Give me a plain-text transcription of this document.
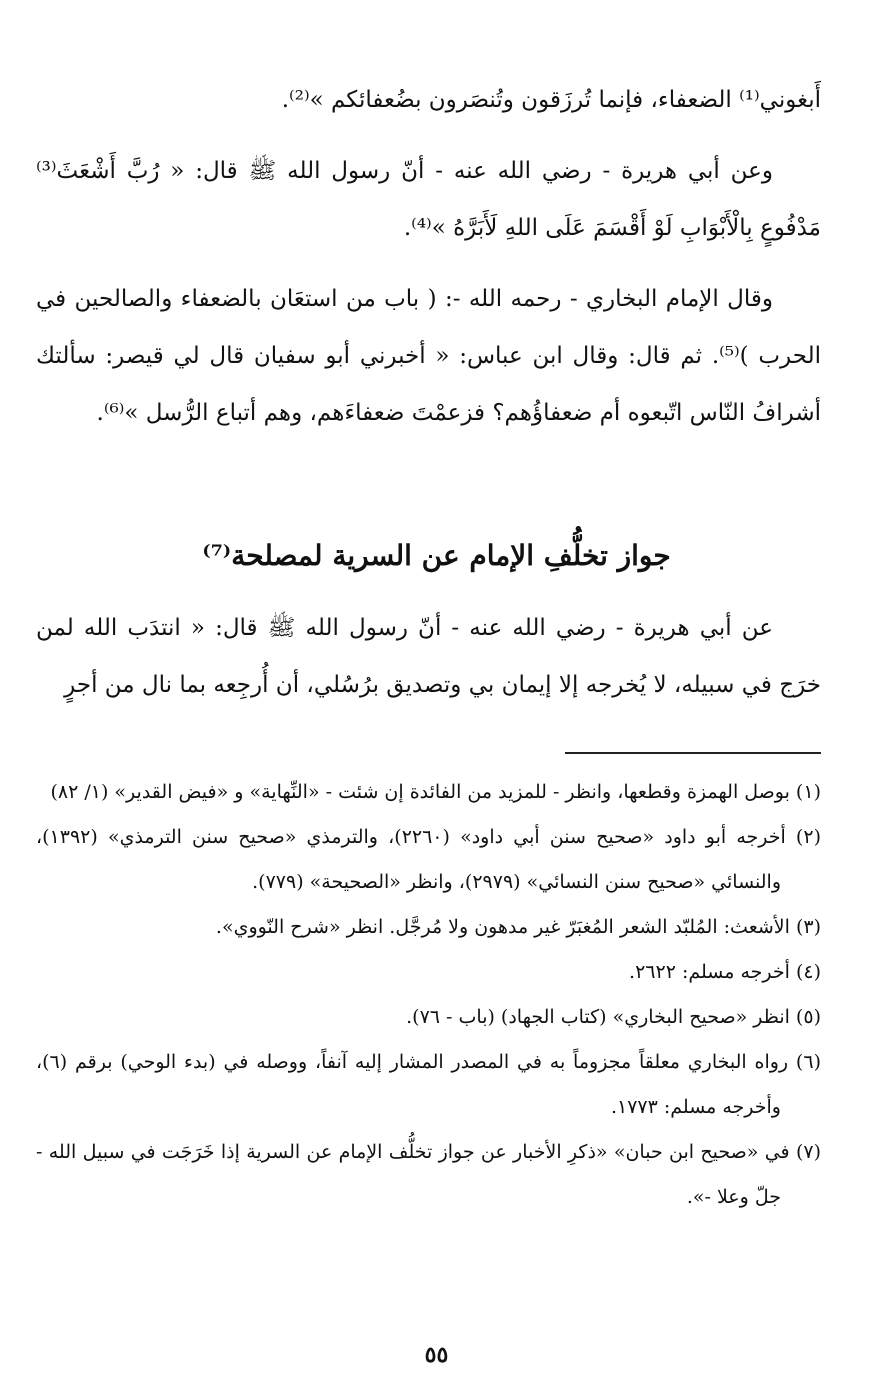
أَبغوني⁽¹⁾ الضعفاء، فإنما تُرزَقون وتُنصَرون بضُعفائكم »⁽²⁾.

وعن أبي هريرة - رضي الله عنه - أنّ رسول الله ﷺ قال: « رُبَّ أَشْعَثَ⁽³⁾ مَدْفُوعٍ بِالْأَبْوَابِ لَوْ أَقْسَمَ عَلَى اللهِ لَأَبَرَّهُ »⁽⁴⁾.

وقال الإمام البخاري - رحمه الله -: ( باب من استعَان بالضعفاء والصالحين في الحرب )⁽⁵⁾. ثم قال: وقال ابن عباس: « أخبرني أبو سفيان قال لي قيصر: سألتك أشرافُ النّاس اتّبعوه أم ضعفاؤُهم؟ فزعمْتَ ضعفاءَهم، وهم أتباع الرُّسل »⁽⁶⁾.

جواز تخلُّفِ الإمام عن السرية لمصلحة⁽⁷⁾

عن أبي هريرة - رضي الله عنه - أنّ رسول الله ﷺ قال: « انتدَب الله لمن خرَج في سبيله، لا يُخرجه إلا إيمان بي وتصديق برُسُلي، أن أُرجِعه بما نال من أجرٍ

(١) بوصل الهمزة وقطعها، وانظر - للمزيد من الفائدة إن شئت - «النِّهاية» و «فيض القدير» (١/ ٨٢)
(٢) أخرجه أبو داود «صحيح سنن أبي داود» (٢٢٦٠)، والترمذي «صحيح سنن الترمذي» (١٣٩٢)، والنسائي «صحيح سنن النسائي» (٢٩٧٩)، وانظر «الصحيحة» (٧٧٩).
(٣) الأشعث: المُلبّد الشعر المُغبَرّ غير مدهون ولا مُرجَّل. انظر «شرح النّووي».
(٤) أخرجه مسلم: ٢٦٢٢.
(٥) انظر «صحيح البخاري» (كتاب الجهاد) (باب - ٧٦).
(٦) رواه البخاري معلقاً مجزوماً به في المصدر المشار إليه آنفاً، ووصله في (بدء الوحي) برقم (٦)، وأخرجه مسلم: ١٧٧٣.
(٧) في «صحيح ابن حبان» «ذكرِ الأخبار عن جواز تخلُّف الإمام عن السرية إذا خَرَجَت في سبيل الله - جلّ وعلا -».
٥٥
